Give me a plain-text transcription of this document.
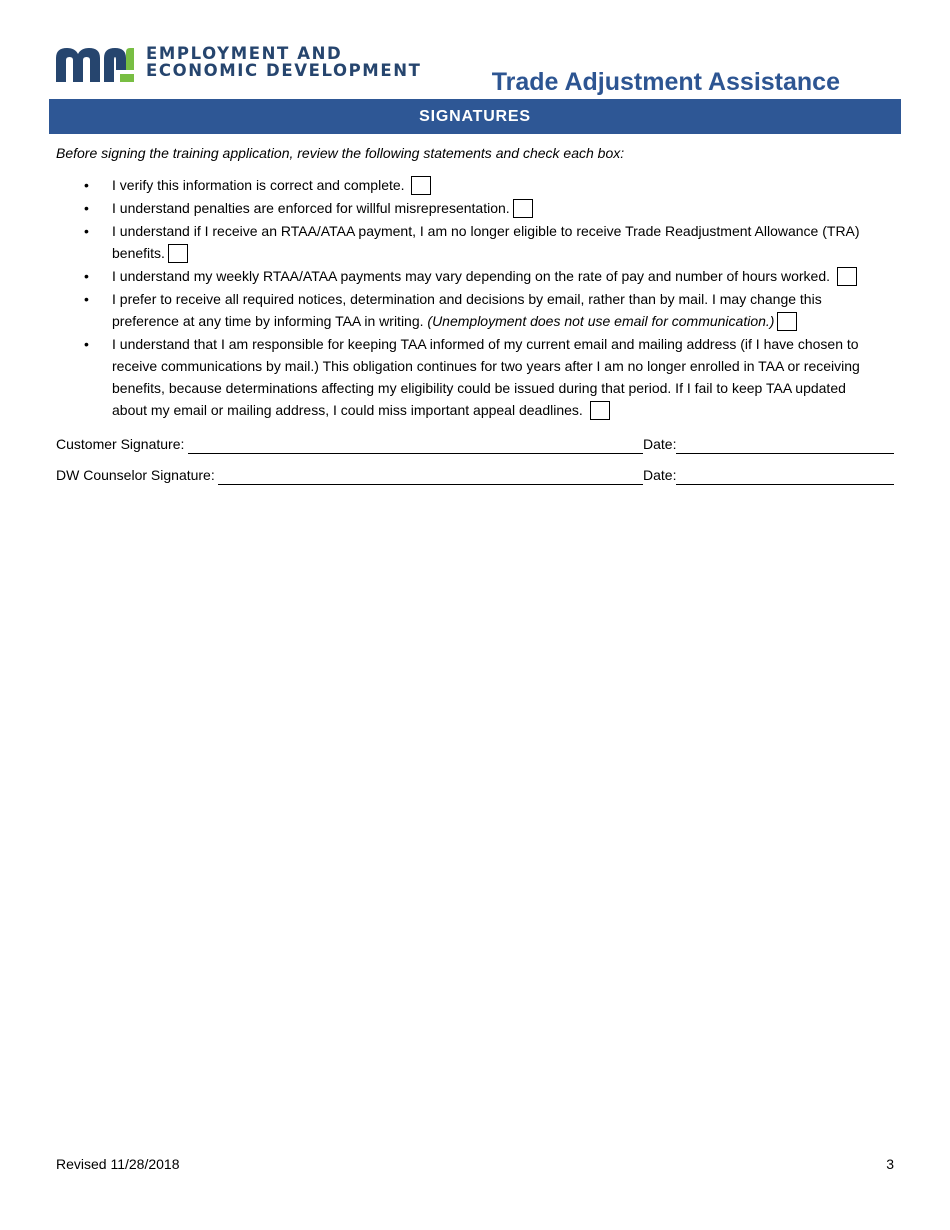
EMPLOYMENT AND
ECONOMIC DEVELOPMENT	Trade Adjustment Assistance
SIGNATURES
Before signing the training application, review the following statements and check each box:
• I verify this information is correct and complete.
• I understand penalties are enforced for willful misrepresentation.
• I understand if I receive an RTAA/ATAA payment, I am no longer eligible to receive Trade Readjustment Allowance (TRA) benefits.
• I understand my weekly RTAA/ATAA payments may vary depending on the rate of pay and number of hours worked.
• I prefer to receive all required notices, determination and decisions by email, rather than by mail. I may change this preference at any time by informing TAA in writing. (Unemployment does not use email for communication.)
• I understand that I am responsible for keeping TAA informed of my current email and mailing address (if I have chosen to receive communications by mail.) This obligation continues for two years after I am no longer enrolled in TAA or receiving benefits, because determinations affecting my eligibility could be issued during that period. If I fail to keep TAA updated about my email or mailing address, I could miss important appeal deadlines.
Customer Signature:	Date:
DW Counselor Signature:	Date:
Revised 11/28/2018	3
